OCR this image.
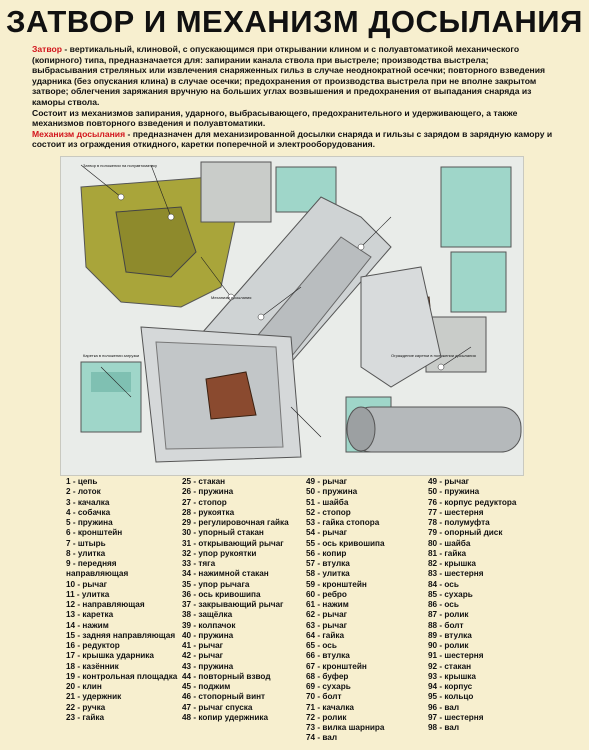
ЗАТВОР И МЕХАНИЗМ ДОСЫЛАНИЯ

Затвор - вертикальный, клиновой, с опускающимся при открывании клином и с полуавтоматикой механического (копирного) типа, предназначается для: запирании канала ствола при выстреле; производства выстрела; выбрасывания стреляных или извлечения снаряженных гильз в случае неоднократной осечки; повторного взведения ударника (без опускания клина) в случае осечки; предохранения от производства выстрела при не вполне закрытом затворе; облегчения заряжания вручную на больших углах возвышения и предохранения от выпадания снаряда из каморы ствола.

Состоит из механизмов запирания, ударного, выбрасывающего, предохранительного и удерживающего, а также механизмов повторного взведения и полуавтоматики.

Механизм досылания - предназначен для механизированной досылки снаряда и гильзы с зарядом в зарядную камору и состоит из ограждения откидного, каретки поперечной и электрооборудования.

Затвор в положении на полуавтоматику
Механизм досылания
Каретка в положении загрузки	Ограждение каретки в положении досылания
1 - цепь
2 - лоток
3 - качалка
4 - собачка
5 - пружина
6 - кронштейн
7 - штырь
8 - улитка
9 - передняя направляющая
10 - рычаг
11 - улитка
12 - направляющая
13 - каретка
14 - нажим
15 - задняя направляющая
16 - редуктор
17 - крышка ударника
18 - казённик
19 - контрольная площадка
20 - клин
21 - удержник
22 - ручка
23 - гайка
25 - стакан
26 - пружина
27 - стопор
28 - рукоятка
29 - регулировочная гайка
30 - упорный стакан
31 - открывающий рычаг
32 - упор рукоятки
33 - тяга
34 - нажимной стакан
35 - упор рычага
36 - ось кривошипа
37 - закрывающий рычаг
38 - защёлка
39 - колпачок
40 - пружина
41 - рычаг
42 - рычаг
43 - пружина
44 - повторный взвод
45 - поджим
46 - стопорный винт
47 - рычаг спуска
48 - копир удержника
49 - рычаг
50 - пружина
51 - шайба
52 - стопор
53 - гайка стопора
54 - рычаг
55 - ось кривошипа
56 - копир
57 - втулка
58 - улитка
59 - кронштейн
60 - ребро
61 - нажим
62 - рычаг
63 - рычаг
64 - гайка
65 - ось
66 - втулка
67 - кронштейн
68 - буфер
69 - сухарь
70 - болт
71 - качалка
72 - ролик
73 - вилка шарнира
74 - вал
49 - рычаг
50 - пружина
76 - корпус редуктора
77 - шестерня
78 - полумуфта
79 - опорный диск
80 - шайба
81 - гайка
82 - крышка
83 - шестерня
84 - ось
85 - сухарь
86 - ось
87 - ролик
88 - болт
89 - втулка
90 - ролик
91 - шестерня
92 - стакан
93 - крышка
94 - корпус
95 - кольцо
96 - вал
97 - шестерня
98 - вал
